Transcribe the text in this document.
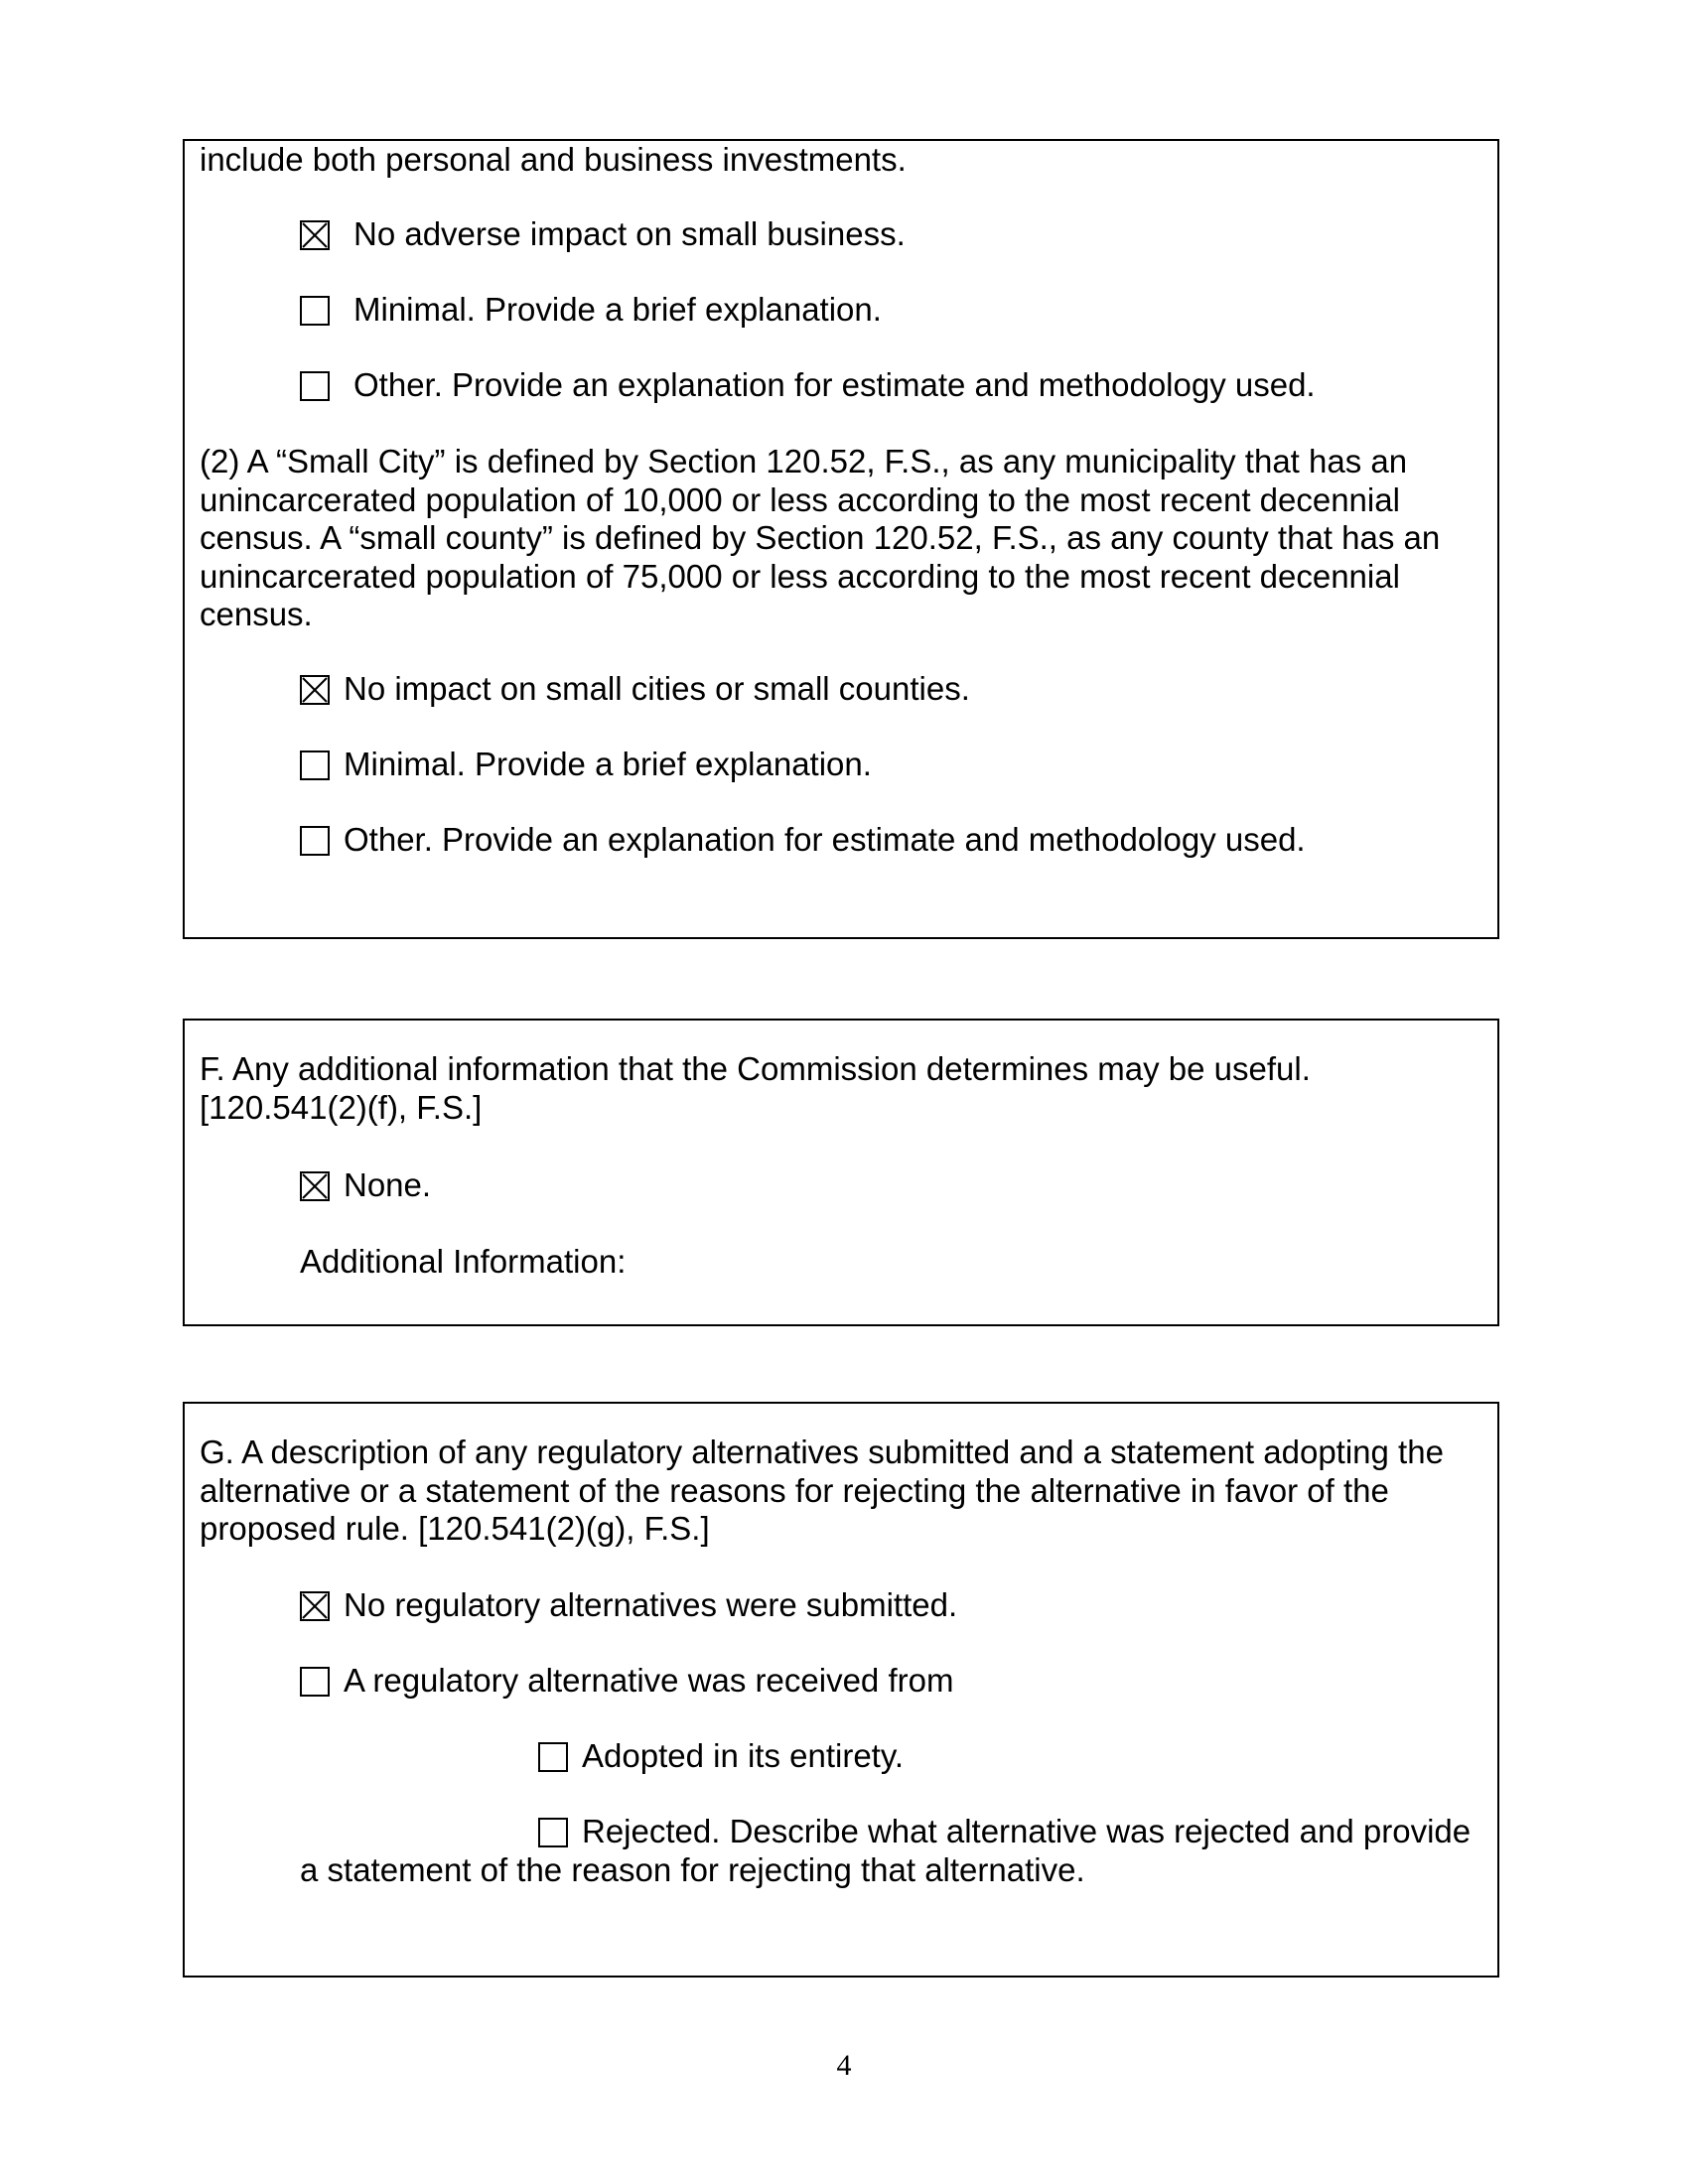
include both personal and business investments.
No adverse impact on small business.
Minimal. Provide a brief explanation.
Other. Provide an explanation for estimate and methodology used.
(2) A “Small City” is defined by Section 120.52, F.S., as any municipality that has an
unincarcerated population of 10,000 or less according to the most recent decennial
census. A “small county” is defined by Section 120.52, F.S., as any county that has an
unincarcerated population of 75,000 or less according to the most recent decennial
census.
No impact on small cities or small counties.
Minimal. Provide a brief explanation.
Other. Provide an explanation for estimate and methodology used.
F. Any additional information that the Commission determines may be useful.
[120.541(2)(f), F.S.]
None.
Additional Information:
G. A description of any regulatory alternatives submitted and a statement adopting the
alternative or a statement of the reasons for rejecting the alternative in favor of the
proposed rule. [120.541(2)(g), F.S.]
No regulatory alternatives were submitted.
A regulatory alternative was received from
Adopted in its entirety.
Rejected. Describe what alternative was rejected and provide
a statement of the reason for rejecting that alternative.
4
